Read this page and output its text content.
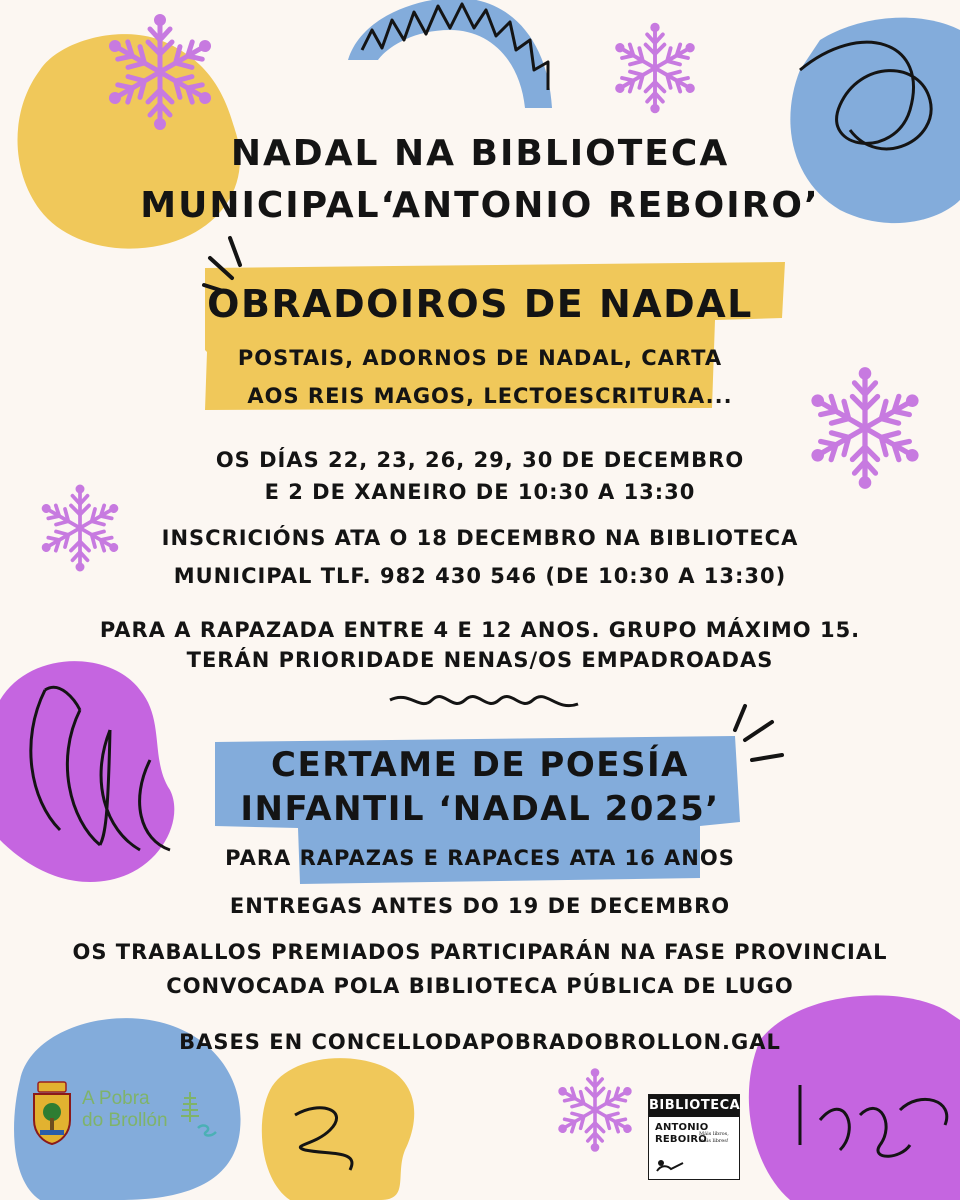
NADAL NA BIBLIOTECA
MUNICIPAL‘ANTONIO REBOIRO’
OBRADOIROS DE NADAL
POSTAIS, ADORNOS DE NADAL, CARTA
AOS REIS MAGOS, LECTOESCRITURA...
OS DÍAS 22, 23, 26, 29, 30 DE DECEMBRO
E 2 DE XANEIRO DE 10:30 A 13:30
INSCRICIÓNS ATA O 18 DECEMBRO NA BIBLIOTECA
MUNICIPAL TLF. 982 430 546 (DE 10:30 A 13:30)
PARA A RAPAZADA ENTRE 4 E 12 ANOS. GRUPO MÁXIMO 15.
TERÁN PRIORIDADE NENAS/OS EMPADROADAS
CERTAME DE POESÍA
INFANTIL ‘NADAL 2025’
PARA RAPAZAS E RAPACES ATA 16 ANOS
ENTREGAS ANTES DO 19 DE DECEMBRO
OS TRABALLOS PREMIADOS PARTICIPARÁN NA FASE PROVINCIAL
CONVOCADA POLA BIBLIOTECA PÚBLICA DE LUGO
BASES EN CONCELLODAPOBRADOBROLLON.GAL
A Pobra
do Brollón
BIBLIOTECA
ANTONIO
REBOIRO
Máis libros, máis libres!
